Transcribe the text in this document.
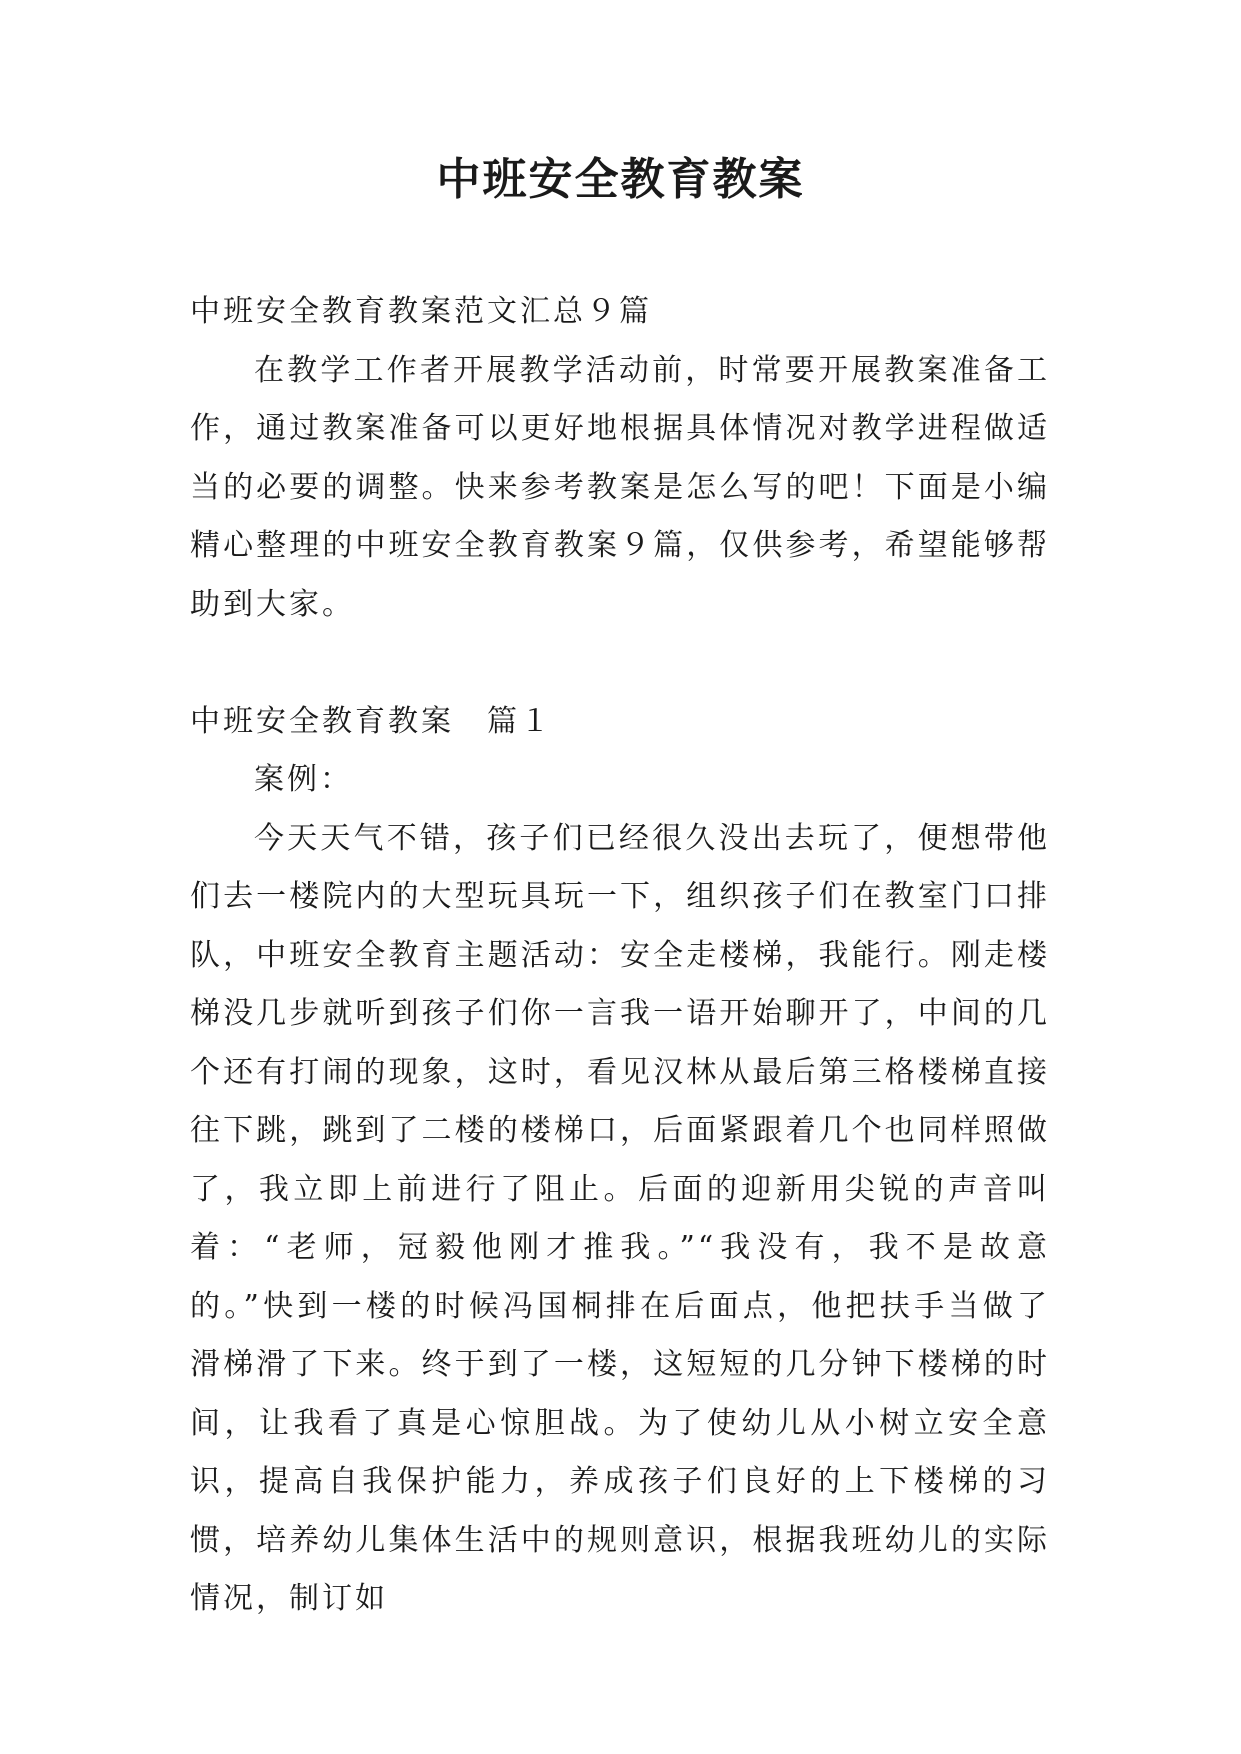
中班安全教育教案

中班安全教育教案范文汇总９篇

在教学工作者开展教学活动前，时常要开展教案准备工作，通过教案准备可以更好地根据具体情况对教学进程做适当的必要的调整。快来参考教案是怎么写的吧！下面是小编精心整理的中班安全教育教案９篇，仅供参考，希望能够帮助到大家。

中班安全教育教案　篇１

案例：

今天天气不错，孩子们已经很久没出去玩了，便想带他们去一楼院内的大型玩具玩一下，组织孩子们在教室门口排队，中班安全教育主题活动：安全走楼梯，我能行。刚走楼梯没几步就听到孩子们你一言我一语开始聊开了，中间的几个还有打闹的现象，这时，看见汉林从最后第三格楼梯直接往下跳，跳到了二楼的楼梯口，后面紧跟着几个也同样照做了，我立即上前进行了阻止。后面的迎新用尖锐的声音叫着：“老师，冠毅他刚才推我。”“我没有，我不是故意的。”快到一楼的时候冯国桐排在后面点，他把扶手当做了滑梯滑了下来。终于到了一楼，这短短的几分钟下楼梯的时间，让我看了真是心惊胆战。为了使幼儿从小树立安全意识，提高自我保护能力，养成孩子们良好的上下楼梯的习惯，培养幼儿集体生活中的规则意识，根据我班幼儿的实际情况，制订如
